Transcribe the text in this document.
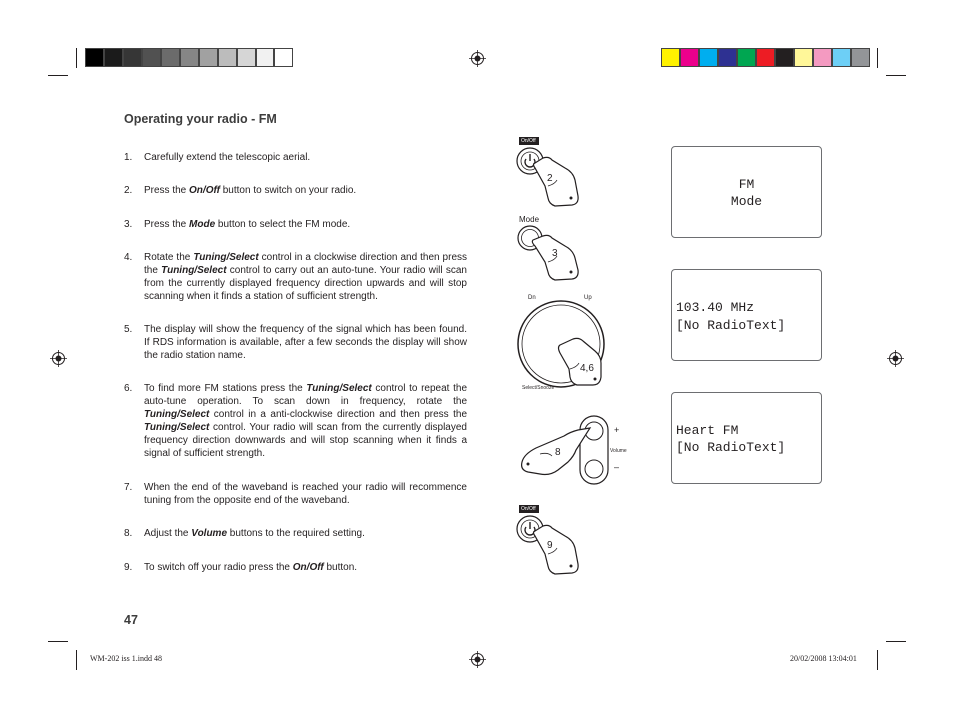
Operating your radio - FM
1.	Carefully extend the telescopic aerial.
2.	Press the On/Off button to switch on your radio.
3.	Press the Mode button to select the FM mode.
4.	Rotate the Tuning/Select control in a clockwise direction and then press the Tuning/Select control to carry out an auto-tune. Your radio will scan from the currently displayed frequency direction upwards and will stop scanning when it finds a station of sufficient strength.
5.	The display will show the frequency of the signal which has been found. If RDS information is available, after a few seconds the display will show the radio station name.
6.	To find more FM stations press the Tuning/Select control to repeat the auto-tune operation. To scan down in frequency, rotate the Tuning/Select control in a anti-clockwise direction and then press the Tuning/Select control. Your radio will scan from the currently displayed frequency direction downwards and will stop scanning when it finds a signal of sufficient strength.
7.	When the end of the waveband is reached your radio will recommence tuning from the opposite end of the waveband.
8.	Adjust the Volume buttons to the required setting.
9.	To switch off your radio press the On/Off button.
On/Off
2
Mode
3
Dn	Up
Select/Snooze
4,6
+
–
Volume
8
On/Off
9
FM
Mode
103.40 MHz
[No RadioText]
Heart FM
[No RadioText]
47
WM-202 iss 1.indd 48	20/02/2008 13:04:01
